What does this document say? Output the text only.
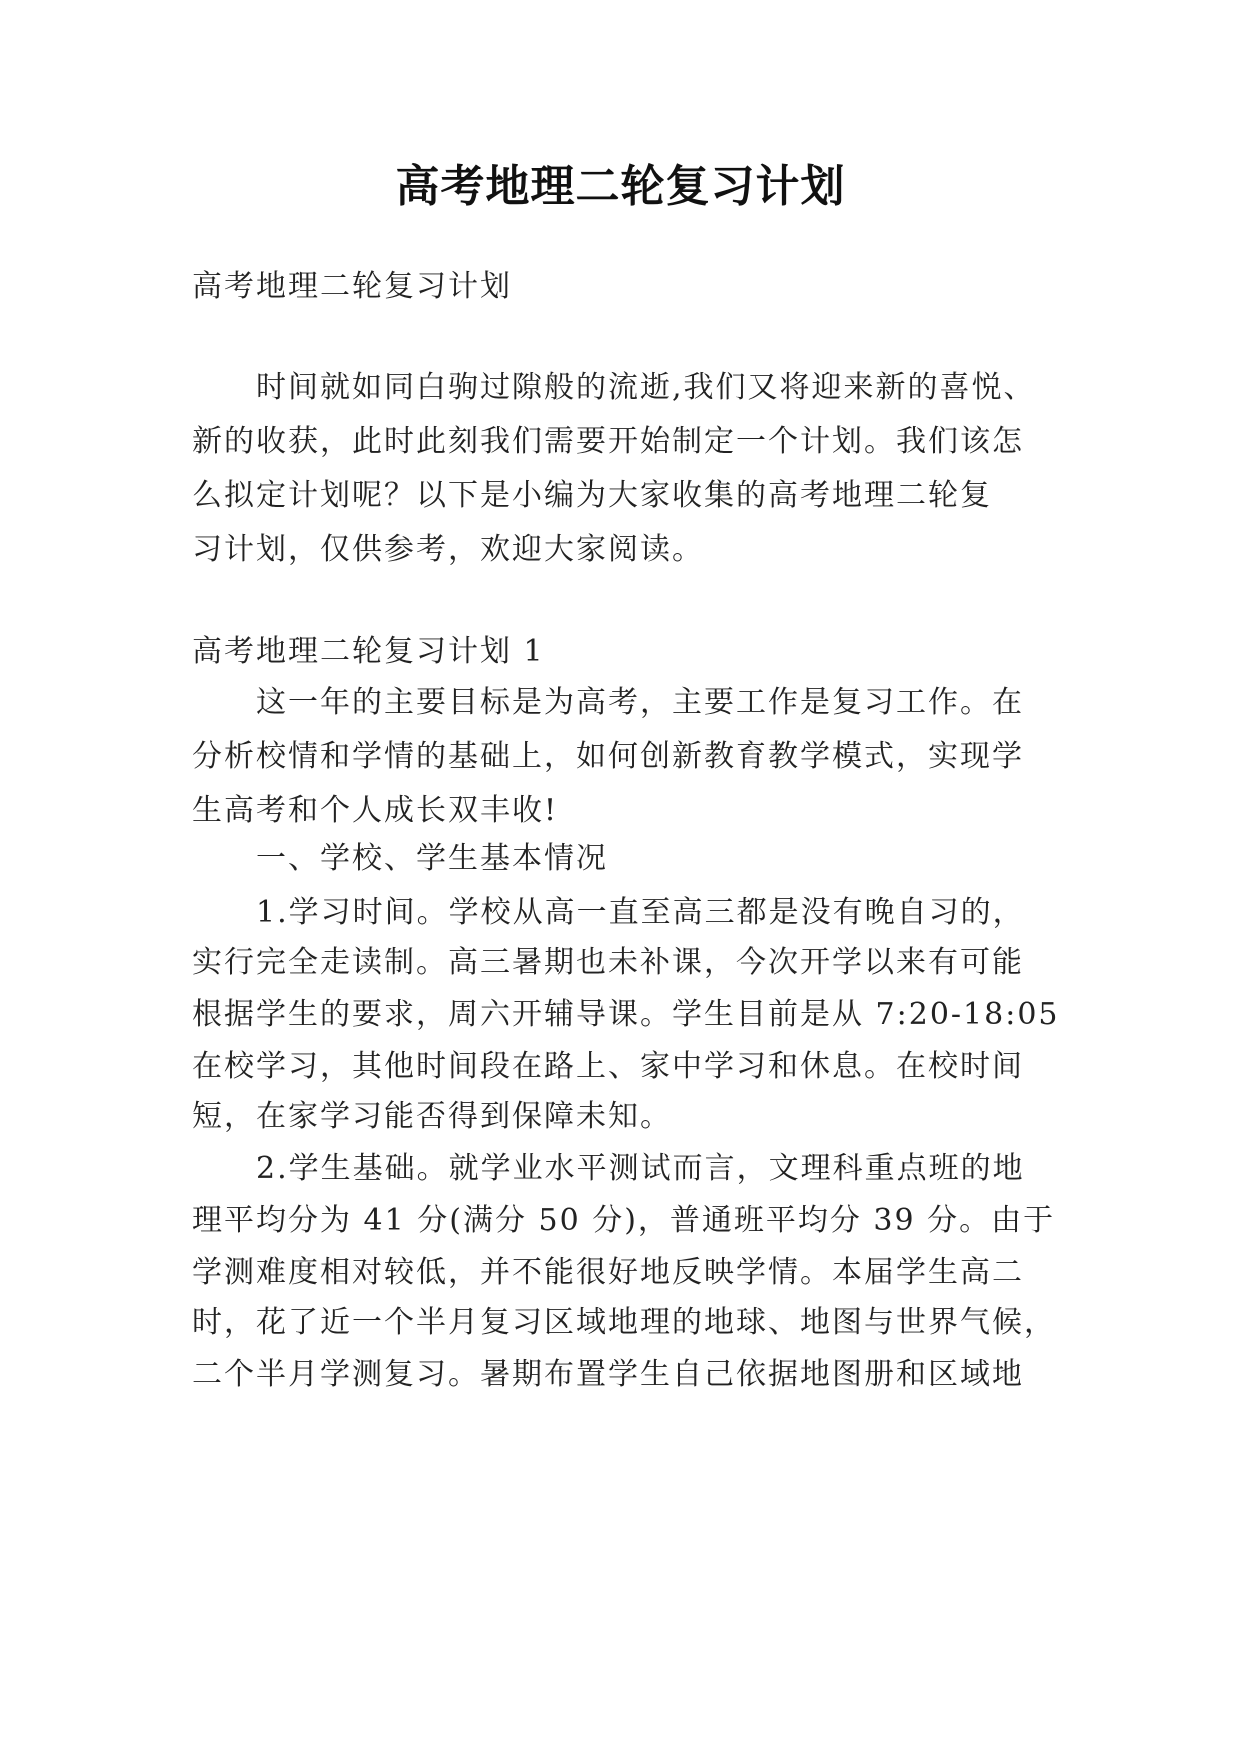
高考地理二轮复习计划

高考地理二轮复习计划

时间就如同白驹过隙般的流逝,我们又将迎来新的喜悦、

新的收获，此时此刻我们需要开始制定一个计划。我们该怎

么拟定计划呢？以下是小编为大家收集的高考地理二轮复

习计划，仅供参考，欢迎大家阅读。

高考地理二轮复习计划 1

这一年的主要目标是为高考，主要工作是复习工作。在

分析校情和学情的基础上，如何创新教育教学模式，实现学

生高考和个人成长双丰收!

一、学校、学生基本情况

1.学习时间。学校从高一直至高三都是没有晚自习的，

实行完全走读制。高三暑期也未补课，今次开学以来有可能

根据学生的要求，周六开辅导课。学生目前是从 7:20-18:05

在校学习，其他时间段在路上、家中学习和休息。在校时间

短，在家学习能否得到保障未知。

2.学生基础。就学业水平测试而言，文理科重点班的地

理平均分为 41 分(满分 50 分)，普通班平均分 39 分。由于

学测难度相对较低，并不能很好地反映学情。本届学生高二

时，花了近一个半月复习区域地理的地球、地图与世界气候，

二个半月学测复习。暑期布置学生自己依据地图册和区域地
